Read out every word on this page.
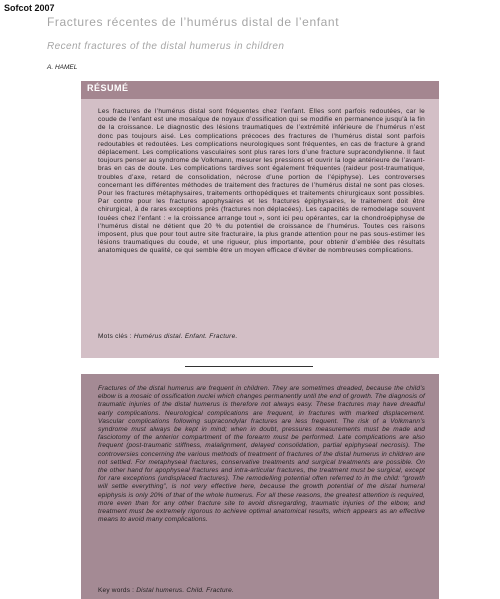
Sofcot 2007
Fractures récentes de l’humérus distal de l’enfant
Recent fractures of the distal humerus in children
A. HAMEL
RÉSUMÉ
Les fractures de l’humérus distal sont fréquentes chez l’enfant. Elles sont parfois redoutées, car le coude de l’enfant est une mosaïque de noyaux d’ossification qui se modifie en permanence jusqu’à la fin de la croissance. Le diagnostic des lésions traumatiques de l’extrémité inférieure de l’humérus n’est donc pas toujours aisé. Les complications précoces des fractures de l’humérus distal sont parfois redoutables et redoutées. Les complications neurologiques sont fréquentes, en cas de fracture à grand déplacement. Les complications vasculaires sont plus rares lors d’une fracture supracondylienne. Il faut toujours penser au syndrome de Volkmann, mesurer les pressions et ouvrir la loge antérieure de l’avant-bras en cas de doute. Les complications tardives sont également fréquentes (raideur post-traumatique, troubles d’axe, retard de consolidation, nécrose d’une portion de l’épiphyse). Les controverses concernant les différentes méthodes de traitement des fractures de l’humérus distal ne sont pas closes. Pour les fractures métaphysaires, traitements orthopédiques et traitements chirurgicaux sont possibles. Par contre pour les fractures apophysaires et les fractures épiphysaires, le traitement doit être chirurgical, à de rares exceptions près (fractures non déplacées). Les capacités de remodelage souvent louées chez l’enfant : « la croissance arrange tout », sont ici peu opérantes, car la chondroépiphyse de l’humérus distal ne détient que 20 % du potentiel de croissance de l’humérus. Toutes ces raisons imposent, plus que pour tout autre site fracturaire, la plus grande attention pour ne pas sous-estimer les lésions traumatiques du coude, et une rigueur, plus importante, pour obtenir d’emblée des résultats anatomiques de qualité, ce qui semble être un moyen efficace d’éviter de nombreuses complications.
Mots clés : Humérus distal. Enfant. Fracture.
Fractures of the distal humerus are frequent in children. They are sometimes dreaded, because the child’s elbow is a mosaic of ossification nuclei which changes permanently until the end of growth. The diagnosis of traumatic injuries of the distal humerus is therefore not always easy. These fractures may have dreadful early complications. Neurological complications are frequent, in fractures with marked displacement. Vascular complications following supracondylar fractures are less frequent. The risk of a Volkmann’s syndrome must always be kept in mind; when in doubt, pressures measurements must be made and fasciotomy of the anterior compartment of the forearm must be performed. Late complications are also frequent (post-traumatic stiffness, malalignment, delayed consolidation, partial epiphyseal necrosis). The controversies concerning the various methods of treatment of fractures of the distal humerus in children are not settled. For metaphyseal fractures, conservative treatments and surgical treatments are possible. On the other hand for apophyseal fractures and intra-articular fractures, the treatment must be surgical, except for rare exceptions (undisplaced fractures). The remodelling potential often referred to in the child: “growth will settle everything”, is not very effective here, because the growth potential of the distal humeral epiphysis is only 20% of that of the whole humerus. For all these reasons, the greatest attention is required, more even than for any other fracture site to avoid disregarding, traumatic injuries of the elbow, and treatment must be extremely rigorous to achieve optimal anatomical results, which appears as an effective means to avoid many complications.
Key words : Distal humerus. Child. Fracture.
